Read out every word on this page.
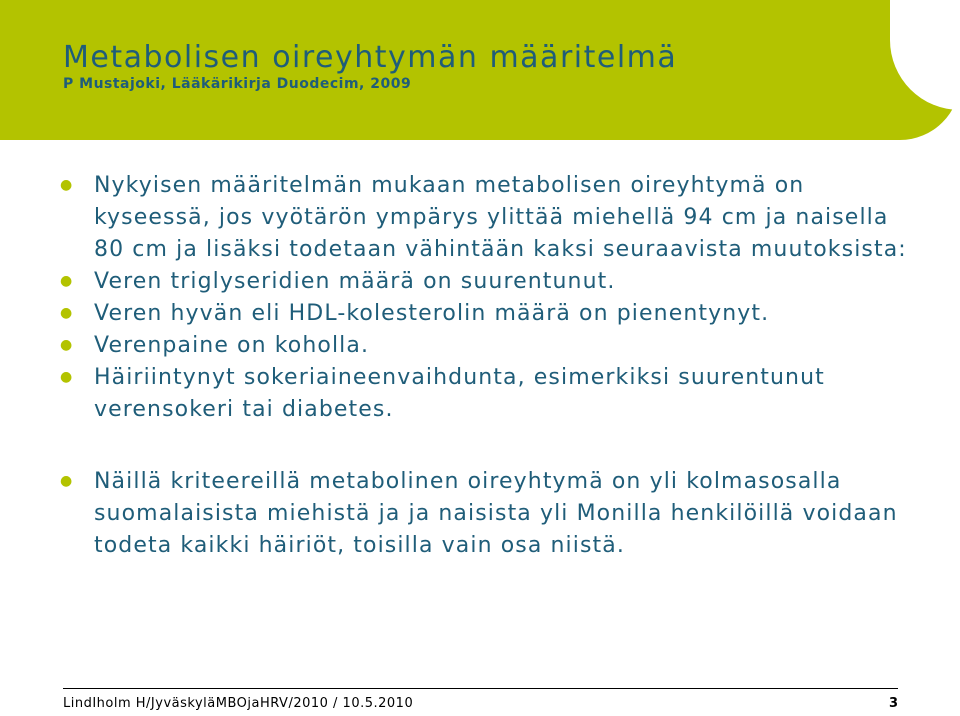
Metabolisen oireyhtymän määritelmä

P Mustajoki, Lääkärikirja Duodecim, 2009

● Nykyisen määritelmän mukaan metabolisen oireyhtymä on kyseessä, jos vyötärön ympärys ylittää miehellä 94 cm ja naisella 80 cm ja lisäksi todetaan vähintään kaksi seuraavista muutoksista:
● Veren triglyseridien määrä on suurentunut.
● Veren hyvän eli HDL-kolesterolin määrä on pienentynyt.
● Verenpaine on koholla.
● Häiriintynyt sokeriaineenvaihdunta, esimerkiksi suurentunut verensokeri tai diabetes.
● Näillä kriteereillä metabolinen oireyhtymä on yli kolmasosalla suomalaisista miehistä ja ja naisista yli Monilla henkilöillä voidaan todeta kaikki häiriöt, toisilla vain osa niistä.

LindIholm H/JyväskyläMBOjaHRV/2010 / 10.5.2010	3
